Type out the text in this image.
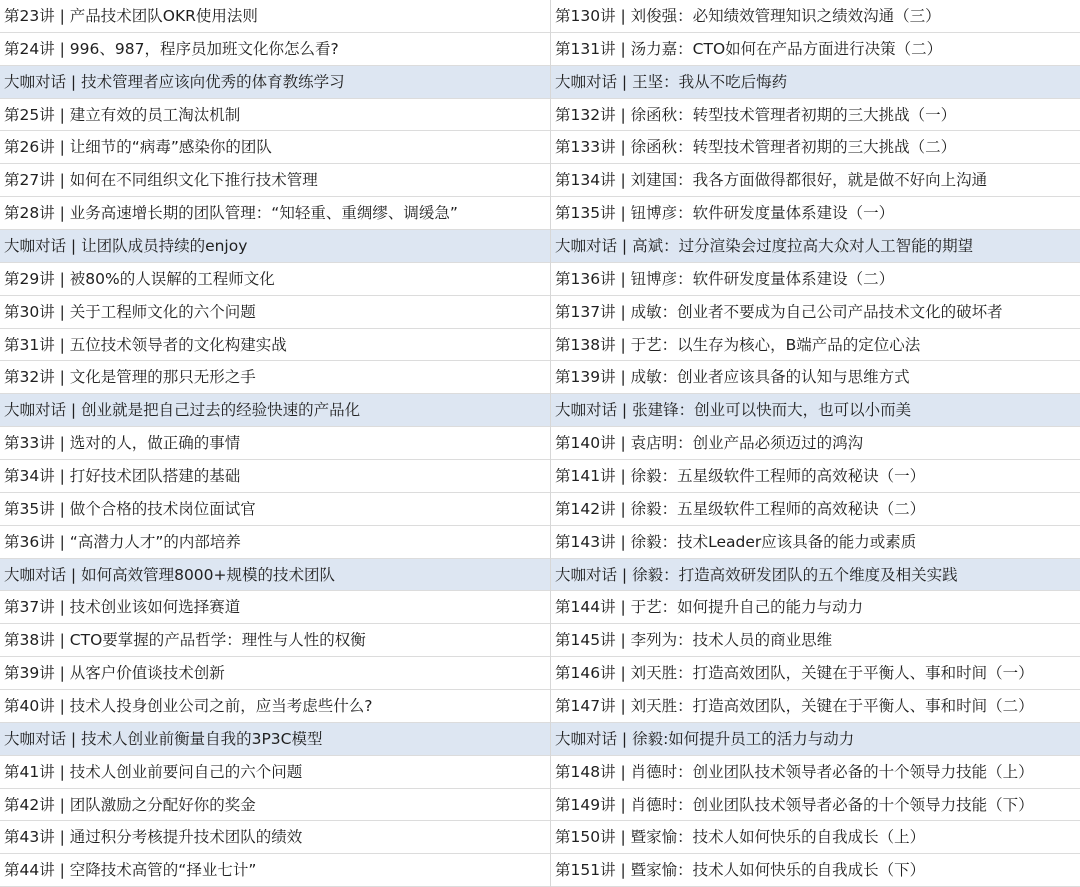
第23讲 | 产品技术团队OKR使用法则
第24讲 | 996、987，程序员加班文化你怎么看?
大咖对话 | 技术管理者应该向优秀的体育教练学习
第25讲 | 建立有效的员工淘汰机制
第26讲 | 让细节的“病毒”感染你的团队
第27讲 | 如何在不同组织文化下推行技术管理
第28讲 | 业务高速增长期的团队管理：“知轻重、重绸缪、调缓急”
大咖对话 | 让团队成员持续的enjoy
第29讲 | 被80%的人误解的工程师文化
第30讲 | 关于工程师文化的六个问题
第31讲 | 五位技术领导者的文化构建实战
第32讲 | 文化是管理的那只无形之手
大咖对话 | 创业就是把自己过去的经验快速的产品化
第33讲 | 选对的人，做正确的事情
第34讲 | 打好技术团队搭建的基础
第35讲 | 做个合格的技术岗位面试官
第36讲 | “高潜力人才”的内部培养
大咖对话 | 如何高效管理8000+规模的技术团队
第37讲 | 技术创业该如何选择赛道
第38讲 | CTO要掌握的产品哲学：理性与人性的权衡
第39讲 | 从客户价值谈技术创新
第40讲 | 技术人投身创业公司之前，应当考虑些什么?
大咖对话 | 技术人创业前衡量自我的3P3C模型
第41讲 | 技术人创业前要问自己的六个问题
第42讲 | 团队激励之分配好你的奖金
第43讲 | 通过积分考核提升技术团队的绩效
第44讲 | 空降技术高管的“择业七计”
第130讲 | 刘俊强：必知绩效管理知识之绩效沟通（三）
第131讲 | 汤力嘉：CTO如何在产品方面进行决策（二）
大咖对话 | 王坚：我从不吃后悔药
第132讲 | 徐函秋：转型技术管理者初期的三大挑战（一）
第133讲 | 徐函秋：转型技术管理者初期的三大挑战（二）
第134讲 | 刘建国：我各方面做得都很好，就是做不好向上沟通
第135讲 | 钮博彦：软件研发度量体系建设（一）
大咖对话 | 高斌：过分渲染会过度拉高大众对人工智能的期望
第136讲 | 钮博彦：软件研发度量体系建设（二）
第137讲 | 成敏：创业者不要成为自己公司产品技术文化的破坏者
第138讲 | 于艺：以生存为核心，B端产品的定位心法
第139讲 | 成敏：创业者应该具备的认知与思维方式
大咖对话 | 张建锋：创业可以快而大，也可以小而美
第140讲 | 袁店明：创业产品必须迈过的鸿沟
第141讲 | 徐毅：五星级软件工程师的高效秘诀（一）
第142讲 | 徐毅：五星级软件工程师的高效秘诀（二）
第143讲 | 徐毅：技术Leader应该具备的能力或素质
大咖对话 | 徐毅：打造高效研发团队的五个维度及相关实践
第144讲 | 于艺：如何提升自己的能力与动力
第145讲 | 李列为：技术人员的商业思维
第146讲 | 刘天胜：打造高效团队，关键在于平衡人、事和时间（一）
第147讲 | 刘天胜：打造高效团队，关键在于平衡人、事和时间（二）
大咖对话 | 徐毅:如何提升员工的活力与动力
第148讲 | 肖德时：创业团队技术领导者必备的十个领导力技能（上）
第149讲 | 肖德时：创业团队技术领导者必备的十个领导力技能（下）
第150讲 | 暨家愉：技术人如何快乐的自我成长（上）
第151讲 | 暨家愉：技术人如何快乐的自我成长（下）
